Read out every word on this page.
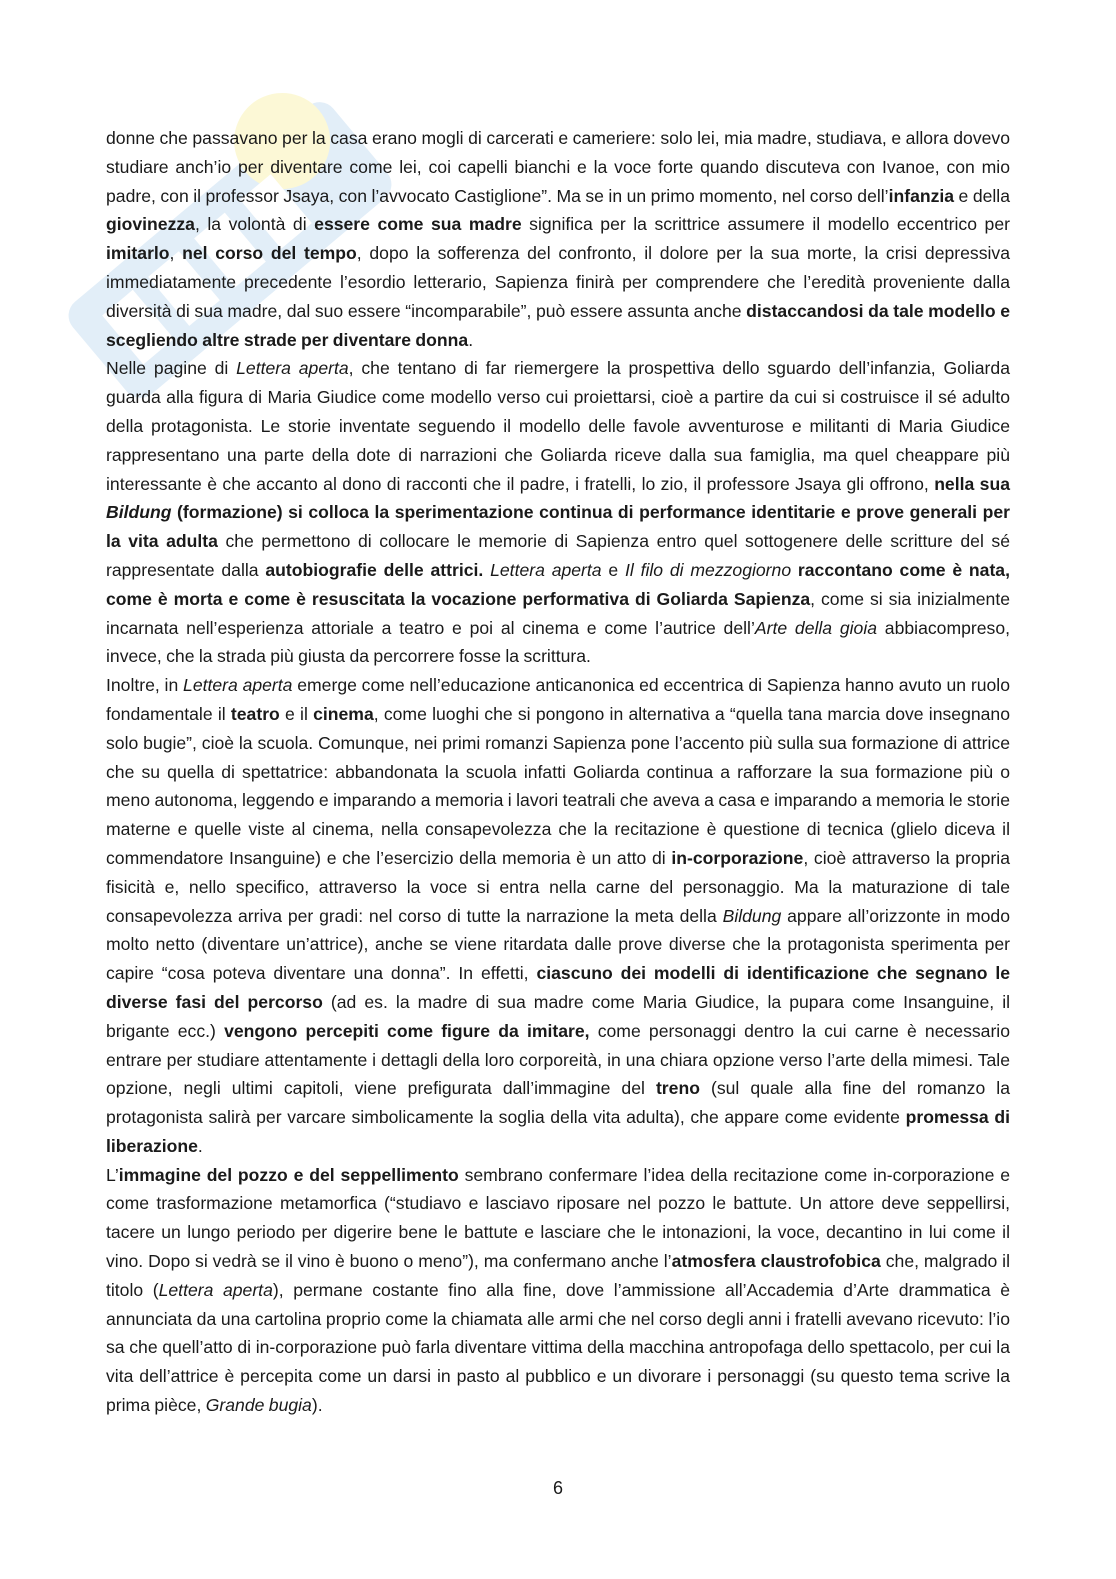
donne che passavano per la casa erano mogli di carcerati e cameriere: solo lei, mia madre, studiava, e allora dovevo studiare anch’io per diventare come lei, coi capelli bianchi e la voce forte quando discuteva con Ivanoe, con mio padre, con il professor Jsaya, con l’avvocato Castiglione”. Ma se in un primo momento, nel corso dell’infanzia e della giovinezza, la volontà di essere come sua madre significa per la scrittrice assumere il modello eccentrico per imitarlo, nel corso del tempo, dopo la sofferenza del confronto, il dolore per la sua morte, la crisi depressiva immediatamente precedente l’esordio letterario, Sapienza finirà per comprendere che l’eredità proveniente dalla diversità di sua madre, dal suo essere “incomparabile”, può essere assunta anche distaccandosi da tale modello e scegliendo altre strade per diventare donna.

Nelle pagine di Lettera aperta, che tentano di far riemergere la prospettiva dello sguardo dell’infanzia, Goliarda guarda alla figura di Maria Giudice come modello verso cui proiettarsi, cioè a partire da cui si costruisce il sé adulto della protagonista. Le storie inventate seguendo il modello delle favole avventurose e militanti di Maria Giudice rappresentano una parte della dote di narrazioni che Goliarda riceve dalla sua famiglia, ma quel cheappare più interessante è che accanto al dono di racconti che il padre, i fratelli, lo zio, il professore Jsaya gli offrono, nella sua Bildung (formazione) si colloca la sperimentazione continua di performance identitarie e prove generali per la vita adulta che permettono di collocare le memorie di Sapienza entro quel sottogenere delle scritture del sé rappresentate dalla autobiografie delle attrici. Lettera aperta e Il filo di mezzogiorno raccontano come è nata, come è morta e come è resuscitata la vocazione performativa di Goliarda Sapienza, come si sia inizialmente incarnata nell’esperienza attoriale a teatro e poi al cinema e come l’autrice dell’Arte della gioia abbiacompreso, invece, che la strada più giusta da percorrere fosse la scrittura.

Inoltre, in Lettera aperta emerge come nell’educazione anticanonica ed eccentrica di Sapienza hanno avuto un ruolo fondamentale il teatro e il cinema, come luoghi che si pongono in alternativa a “quella tana marcia dove insegnano solo bugie”, cioè la scuola. Comunque, nei primi romanzi Sapienza pone l’accento più sulla sua formazione di attrice che su quella di spettatrice: abbandonata la scuola infatti Goliarda continua a rafforzare la sua formazione più o meno autonoma, leggendo e imparando a memoria i lavori teatrali che aveva a casa e imparando a memoria le storie materne e quelle viste al cinema, nella consapevolezza che la recitazione è questione di tecnica (glielo diceva il commendatore Insanguine) e che l’esercizio della memoria è un atto di in-corporazione, cioè attraverso la propria fisicità e, nello specifico, attraverso la voce si entra nella carne del personaggio. Ma la maturazione di tale consapevolezza arriva per gradi: nel corso di tutte la narrazione la meta della Bildung appare all’orizzonte in modo molto netto (diventare un’attrice), anche se viene ritardata dalle prove diverse che la protagonista sperimenta per capire “cosa poteva diventare una donna”. In effetti, ciascuno dei modelli di identificazione che segnano le diverse fasi del percorso (ad es. la madre di sua madre come Maria Giudice, la pupara come Insanguine, il brigante ecc.) vengono percepiti come figure da imitare, come personaggi dentro la cui carne è necessario entrare per studiare attentamente i dettagli della loro corporeità, in una chiara opzione verso l’arte della mimesi. Tale opzione, negli ultimi capitoli, viene prefigurata dall’immagine del treno (sul quale alla fine del romanzo la protagonista salirà per varcare simbolicamente la soglia della vita adulta), che appare come evidente promessa di liberazione.

L’immagine del pozzo e del seppellimento sembrano confermare l’idea della recitazione come in-corporazione e come trasformazione metamorfica (“studiavo e lasciavo riposare nel pozzo le battute. Un attore deve seppellirsi, tacere un lungo periodo per digerire bene le battute e lasciare che le intonazioni, la voce, decantino in lui come il vino. Dopo si vedrà se il vino è buono o meno”), ma confermano anche l’atmosfera claustrofobica che, malgrado il titolo (Lettera aperta), permane costante fino alla fine, dove l’ammissione all’Accademia d’Arte drammatica è annunciata da una cartolina proprio come la chiamata alle armi che nel corso degli anni i fratelli avevano ricevuto: l’io sa che quell’atto di in-corporazione può farla diventare vittima della macchina antropofaga dello spettacolo, per cui la vita dell’attrice è percepita come un darsi in pasto al pubblico e un divorare i personaggi (su questo tema scrive la prima pièce, Grande bugia).

6
